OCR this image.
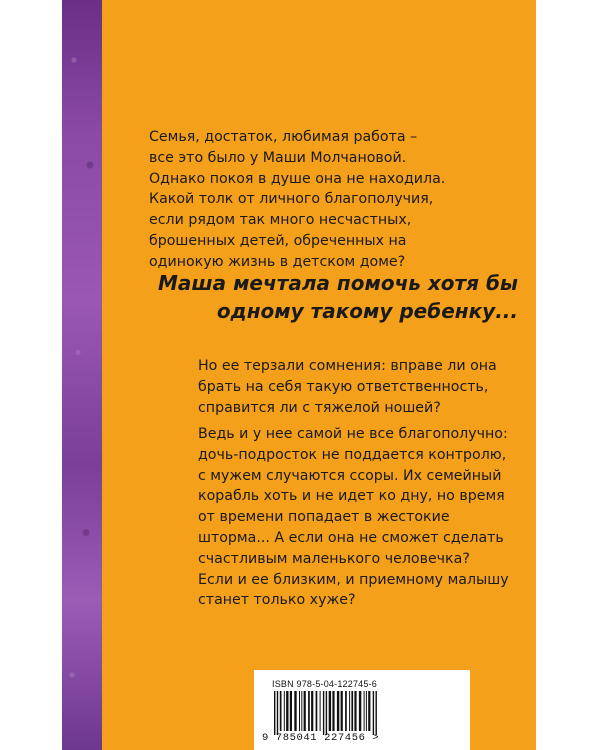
Семья, достаток, любимая работа –
все это было у Маши Молчановой.
Однако покоя в душе она не находила.
Какой толк от личного благополучия,
если рядом так много несчастных,
брошенных детей, обреченных на
одинокую жизнь в детском доме?

Маша мечтала помочь хотя бы
одному такому ребенку...

Но ее терзали сомнения: вправе ли она
брать на себя такую ответственность,
справится ли с тяжелой ношей?

Ведь и у нее самой не все благополучно:
дочь-подросток не поддается контролю,
с мужем случаются ссоры. Их семейный
корабль хоть и не идет ко дну, но время
от времени попадает в жестокие
шторма... А если она не сможет сделать
счастливым маленького человечка?
Если и ее близким, и приемному малышу
станет только хуже?

ISBN 978-5-04-122745-6

9 785041 227456 >
